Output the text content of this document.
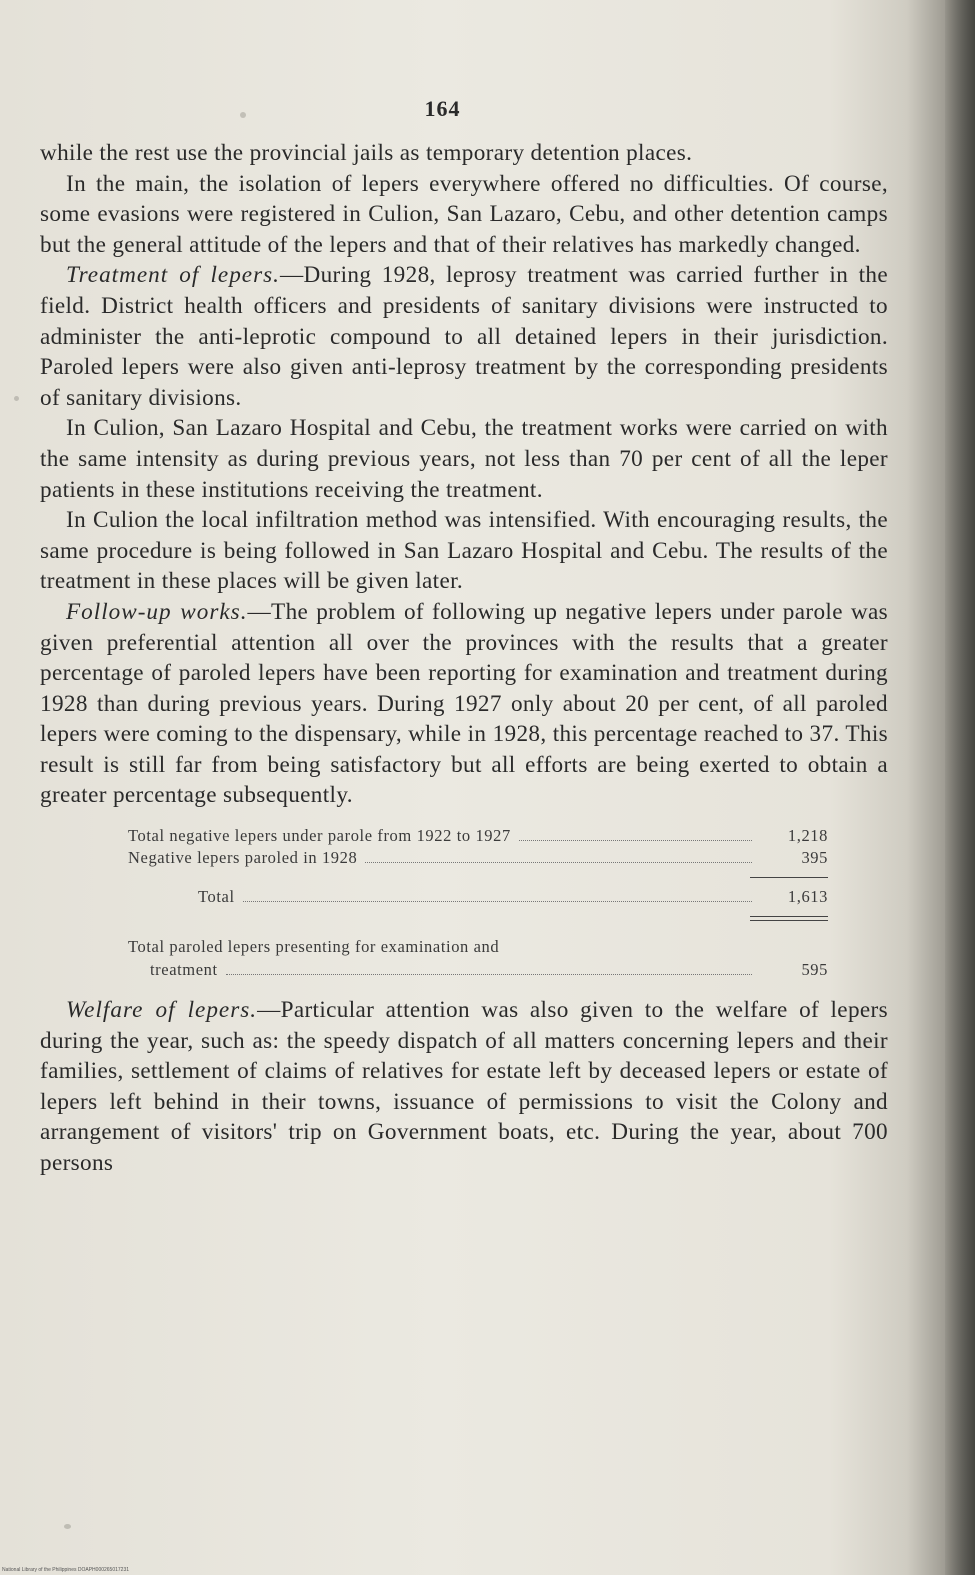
164

while the rest use the provincial jails as temporary detention places.

In the main, the isolation of lepers everywhere offered no difficulties. Of course, some evasions were registered in Culion, San Lazaro, Cebu, and other detention camps but the general attitude of the lepers and that of their relatives has markedly changed.

Treatment of lepers.—During 1928, leprosy treatment was carried further in the field. District health officers and presidents of sanitary divisions were instructed to administer the anti-leprotic compound to all detained lepers in their jurisdiction. Paroled lepers were also given anti-leprosy treatment by the corresponding presidents of sanitary divisions.

In Culion, San Lazaro Hospital and Cebu, the treatment works were carried on with the same intensity as during previous years, not less than 70 per cent of all the leper patients in these institutions receiving the treatment.

In Culion the local infiltration method was intensified. With encouraging results, the same procedure is being followed in San Lazaro Hospital and Cebu. The results of the treatment in these places will be given later.

Follow-up works.—The problem of following up negative lepers under parole was given preferential attention all over the provinces with the results that a greater percentage of paroled lepers have been reporting for examination and treatment during 1928 than during previous years. During 1927 only about 20 per cent, of all paroled lepers were coming to the dispensary, while in 1928, this percentage reached to 37. This result is still far from being satisfactory but all efforts are being exerted to obtain a greater percentage subsequently.

Total negative lepers under parole from 1922 to 1927	1,218
Negative lepers paroled in 1928	395
Total	1,613
Total paroled lepers presenting for examination and
treatment	595

Welfare of lepers.—Particular attention was also given to the welfare of lepers during the year, such as: the speedy dispatch of all matters concerning lepers and their families, settlement of claims of relatives for estate left by deceased lepers or estate of lepers left behind in their towns, issuance of permissions to visit the Colony and arrangement of visitors' trip on Government boats, etc. During the year, about 700 persons

National Library of the Philippines DOAPH000265017231
